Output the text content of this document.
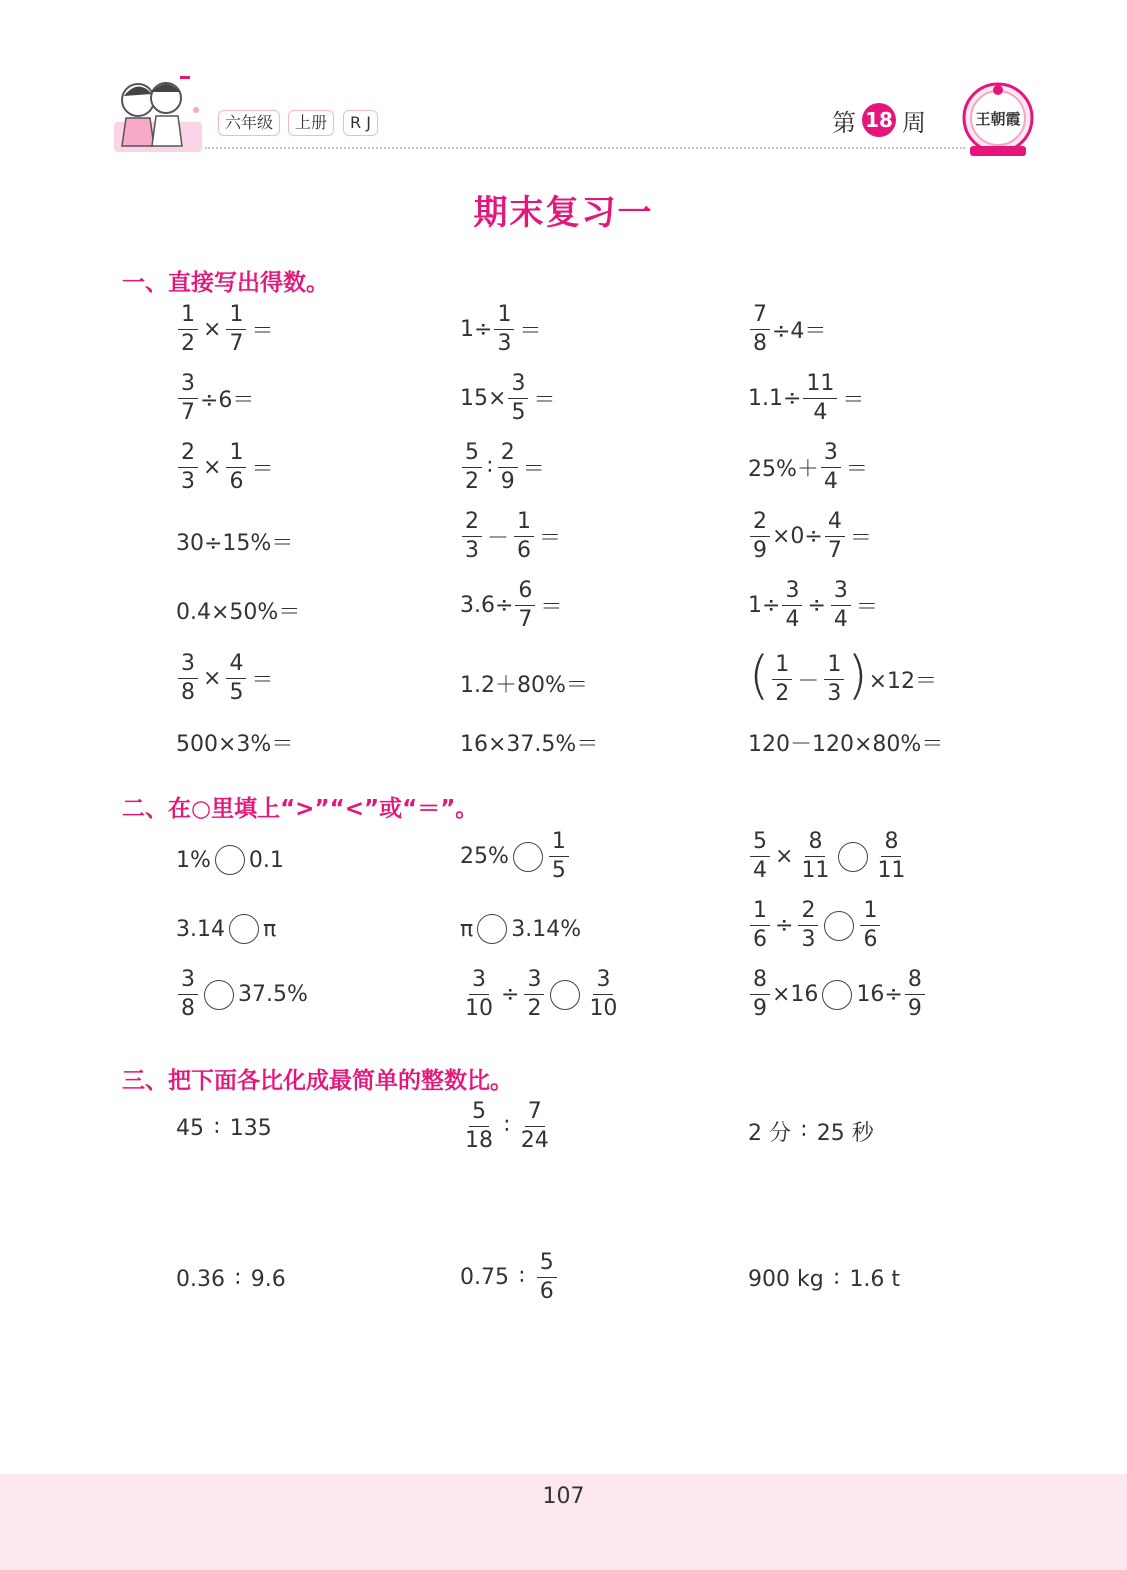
六年级	上册	R J	第 18 周	王朝霞
期末复习一
一、直接写出得数。
$\frac{1}{2} \times \frac{1}{7}$ ＝	$1\div \frac{1}{3}$ ＝	$\frac{7}{8} \div 4=$
$\frac{3}{7} \div 6=$	$15\times \frac{3}{5}$ ＝	$1.1\div \frac{11}{4}$ ＝
$\frac{2}{3} \times \frac{1}{6}$ ＝	$\frac{5}{2}$ ∶ $\frac{2}{9}$ ＝	$25\%+ \frac{3}{4}$ ＝
30÷15%＝	$\frac{2}{3} - \frac{1}{6}$ ＝	$\frac{2}{9} \times 0\div \frac{4}{7}$ ＝
0.4×50%＝	$3.6\div \frac{6}{7}$ ＝	$1\div \frac{3}{4} \div \frac{3}{4}$ ＝
$\frac{3}{8} \times \frac{4}{5}$ ＝	1.2＋80%＝	( $\frac{1}{2} - \frac{1}{3}$ ) ×12＝
500×3%＝	16×37.5%＝	120－120×80%＝
二、在○里填上“>”“<”或“＝”。
1% 0.1	$25\% \frac{1}{5}$	$\frac{5}{4} \times \frac{8}{11} \frac{8}{11}$
3.14 π	π 3.14%	$\frac{1}{6} \div \frac{2}{3} \frac{1}{6}$
$\frac{3}{8} 37.5\%$	$\frac{3}{10} \div \frac{3}{2} \frac{3}{10}$	$\frac{8}{9} \times 16$ $16\div \frac{8}{9}$
三、把下面各比化成最简单的整数比。
45 ∶ 135	$\frac{5}{18}$ ∶ $\frac{7}{24}$	2 分 ∶ 25 秒
0.36 ∶ 9.6	0.75 ∶ $\frac{5}{6}$	900 kg ∶ 1.6 t
107
